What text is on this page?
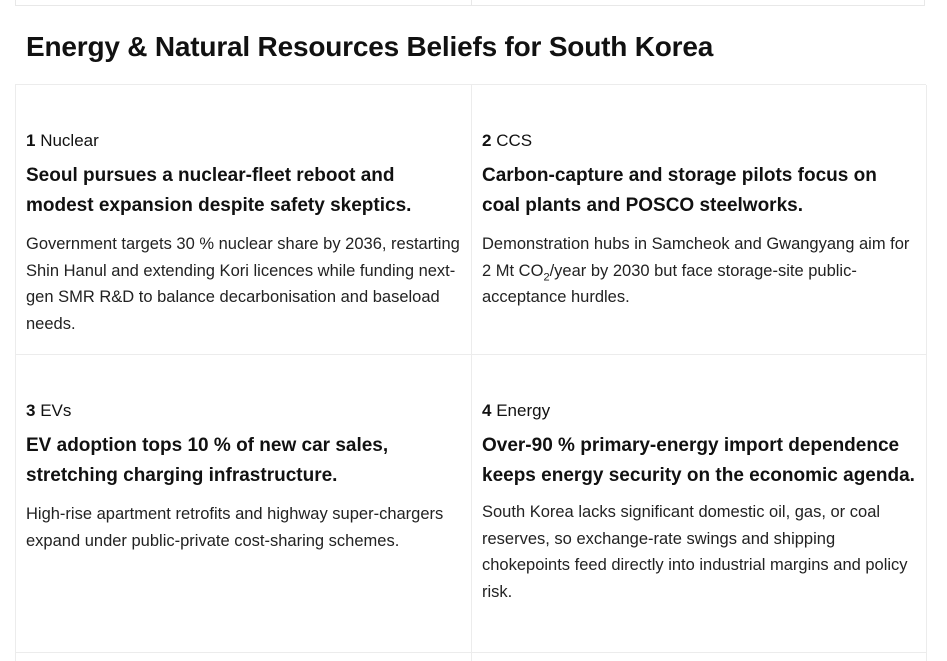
Energy & Natural Resources Beliefs for South Korea

1 Nuclear

Seoul pursues a nuclear-fleet reboot and modest expansion despite safety skeptics.

Government targets 30 % nuclear share by 2036, restarting Shin Hanul and extending Kori licences while funding next-gen SMR R&D to balance decarbonisation and baseload needs.

2 CCS

Carbon-capture and storage pilots focus on coal plants and POSCO steelworks.

Demonstration hubs in Samcheok and Gwangyang aim for 2 Mt $CO_2$/year by 2030 but face storage-site public-acceptance hurdles.

3 EVs

EV adoption tops 10 % of new car sales, stretching charging infrastructure.

High-rise apartment retrofits and highway super-chargers expand under public-private cost-sharing schemes.

4 Energy

Over-90 % primary-energy import dependence keeps energy security on the economic agenda.

South Korea lacks significant domestic oil, gas, or coal reserves, so exchange-rate swings and shipping chokepoints feed directly into industrial margins and policy risk.
